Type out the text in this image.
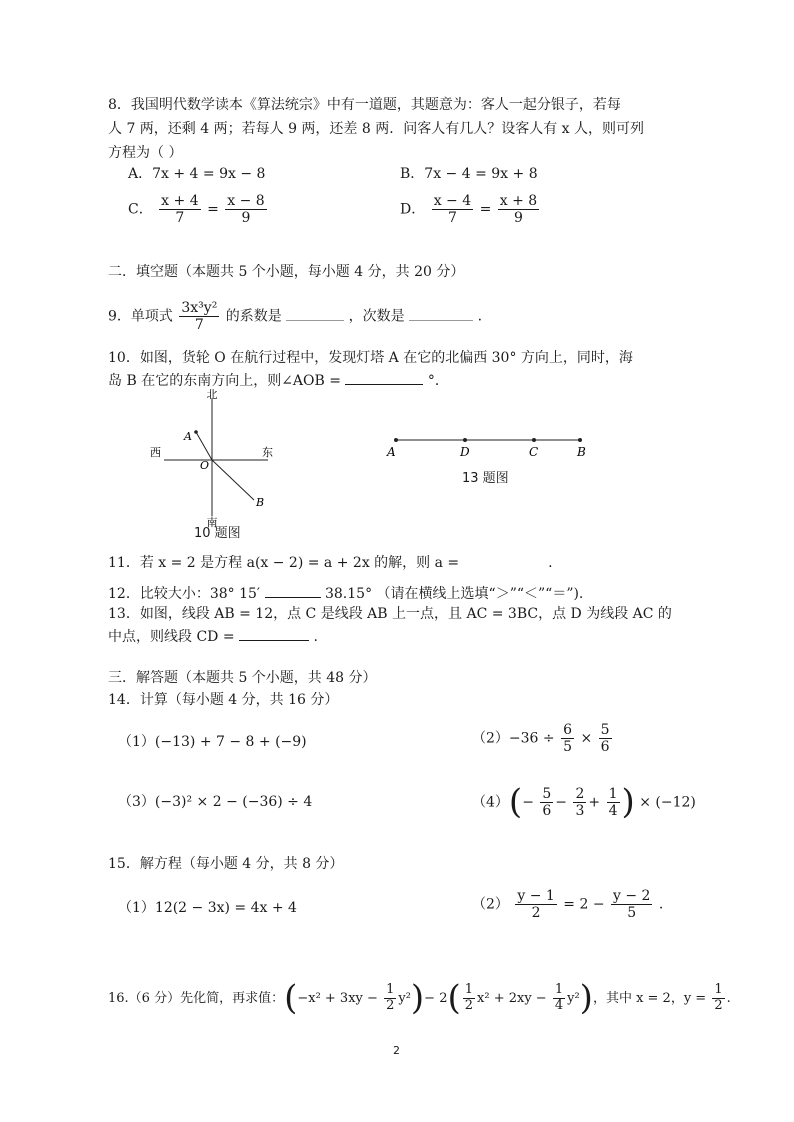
8．我国明代数学读本《算法统宗》中有一道题，其题意为：客人一起分银子，若每
人 7 两，还剩 4 两；若每人 9 两，还差 8 两．问客人有几人？设客人有 x 人，则可列
方程为（ ）
A．7x + 4 = 9x − 8	B．7x − 4 = 9x + 8
C． $\frac{x + 4}{7} = \frac{x - 8}{9}$	D． $\frac{x - 4}{7} = \frac{x + 8}{9}$
二．填空题（本题共 5 个小题，每小题 4 分，共 20 分）
9．单项式 $\frac{\text{3x³y²}}{7}$ 的系数是	，次数是	.
10．如图，货轮 O 在航行过程中，发现灯塔 A 在它的北偏西 30° 方向上，同时，海
岛 B 在它的东南方向上，则∠AOB =	°．
北
南
西	东
A
O
B
10 题图
A	D	C	B
13 题图
11．若 x = 2 是方程 a(x − 2) = a + 2x 的解，则 a =	.
12．比较大小：38° 15′	38.15° （请在横线上选填“＞”“＜”“＝”).
13．如图，线段 AB = 12，点 C 是线段 AB 上一点，且 AC = 3BC，点 D 为线段 AC 的
中点，则线段 CD =	.
三．解答题（本题共 5 个小题，共 48 分）
14．计算（每小题 4 分，共 16 分）
（1）(−13) + 7 − 8 + (−9)	$(2)-36 \div \frac{6}{5} \times \frac{5}{6}$
（3）(−3)² × 2 − (−36) ÷ 4	$(4)(- \frac{5}{6} - \frac{2}{3} + \frac{1}{4}$ ) × (−12)
15．解方程（每小题 4 分，共 8 分）
（1）12(2 − 3x) = 4x + 4	$(2) \frac{y - 1}{2} = 2 - \frac{y - 2}{5}$ .
16.（6 分）先化简，再求值：$(-x^2 + 3xy - \frac{1}{2} y^2)- 2( \frac{1}{2} x^2 + 2xy - \frac{1}{4} y^2)$，其中 x = 2，$y = \frac{1}{2}$ .
2
